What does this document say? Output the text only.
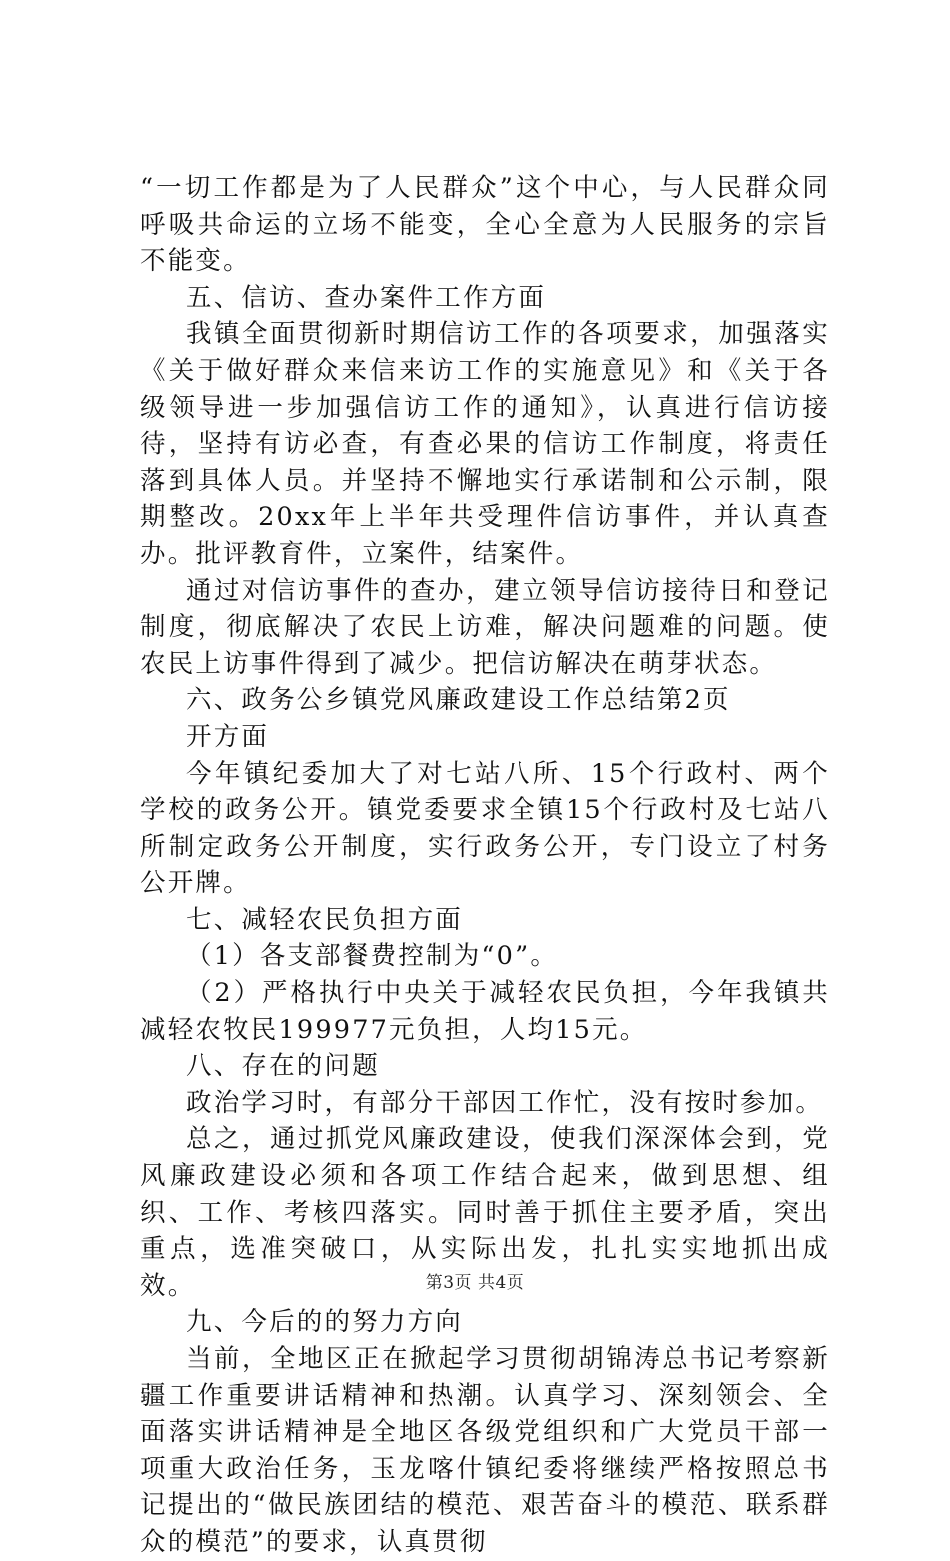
“一切工作都是为了人民群众”这个中心，与人民群众同呼吸共命运的立场不能变，全心全意为人民服务的宗旨不能变。

五、信访、查办案件工作方面

我镇全面贯彻新时期信访工作的各项要求，加强落实《关于做好群众来信来访工作的实施意见》和《关于各级领导进一步加强信访工作的通知》，认真进行信访接待，坚持有访必查，有查必果的信访工作制度，将责任落到具体人员。并坚持不懈地实行承诺制和公示制，限期整改。20xx年上半年共受理件信访事件，并认真查办。批评教育件，立案件，结案件。

通过对信访事件的查办，建立领导信访接待日和登记制度，彻底解决了农民上访难，解决问题难的问题。使农民上访事件得到了减少。把信访解决在萌芽状态。

六、政务公乡镇党风廉政建设工作总结第2页

开方面

今年镇纪委加大了对七站八所、15个行政村、两个学校的政务公开。镇党委要求全镇15个行政村及七站八所制定政务公开制度，实行政务公开，专门设立了村务公开牌。

七、减轻农民负担方面

（1）各支部餐费控制为“0”。

（2）严格执行中央关于减轻农民负担，今年我镇共减轻农牧民199977元负担，人均15元。

八、存在的问题

政治学习时，有部分干部因工作忙，没有按时参加。

总之，通过抓党风廉政建设，使我们深深体会到，党风廉政建设必须和各项工作结合起来，做到思想、组织、工作、考核四落实。同时善于抓住主要矛盾，突出重点，选准突破口，从实际出发，扎扎实实地抓出成效。

九、今后的的努力方向

当前，全地区正在掀起学习贯彻胡锦涛总书记考察新疆工作重要讲话精神和热潮。认真学习、深刻领会、全面落实讲话精神是全地区各级党组织和广大党员干部一项重大政治任务，玉龙喀什镇纪委将继续严格按照总书记提出的“做民族团结的模范、艰苦奋斗的模范、联系群众的模范”的要求，认真贯彻

第3页 共4页
